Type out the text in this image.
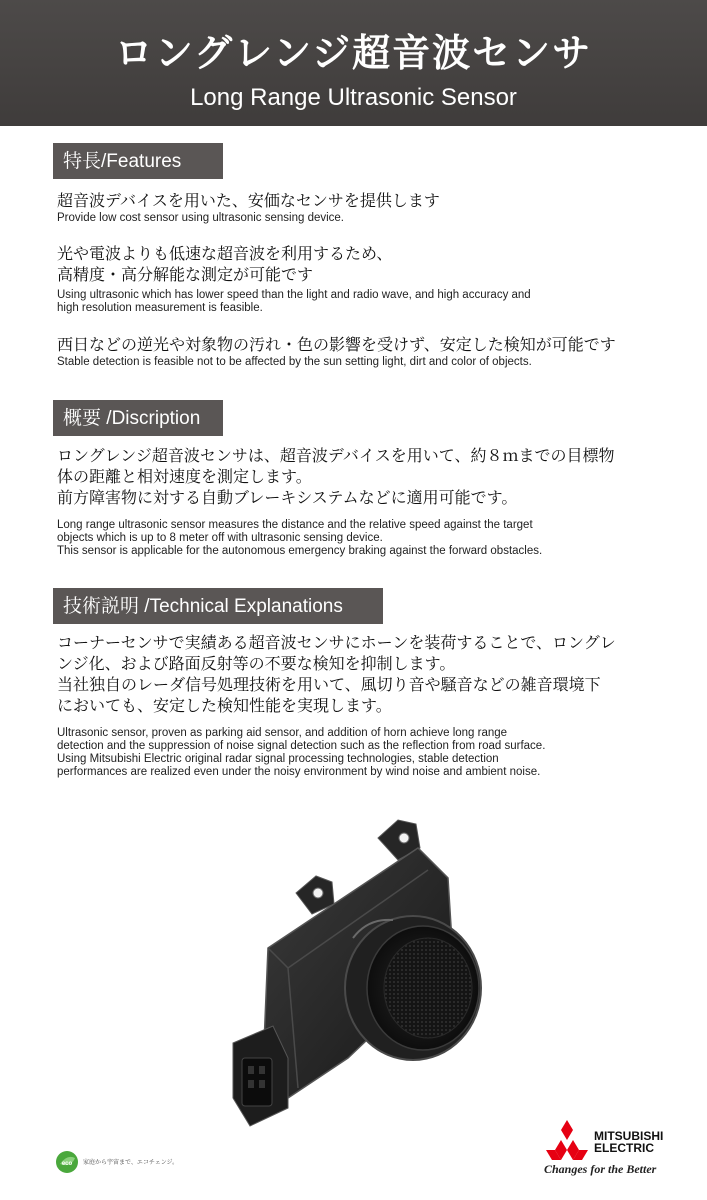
ロングレンジ超音波センサ
Long Range Ultrasonic Sensor
特長/Features
超音波デバイスを用いた、安価なセンサを提供します
Provide low cost sensor using ultrasonic sensing device.
光や電波よりも低速な超音波を利用するため、
高精度・高分解能な測定が可能です
Using ultrasonic which has lower speed than the light and radio wave, and high accuracy and
high resolution measurement is feasible.
西日などの逆光や対象物の汚れ・色の影響を受けず、安定した検知が可能です
Stable detection is feasible not to be affected by the sun setting light, dirt and color of objects.
概要 /Discription
ロングレンジ超音波センサは、超音波デバイスを用いて、約８ｍまでの目標物
体の距離と相対速度を測定します。
前方障害物に対する自動ブレーキシステムなどに適用可能です。
Long range ultrasonic sensor measures the distance and the relative speed against the target
objects which is up to 8 meter off with ultrasonic sensing device.
This sensor is applicable for the autonomous emergency braking against the forward obstacles.
技術説明 /Technical Explanations
コーナーセンサで実績ある超音波センサにホーンを装荷することで、ロングレ
ンジ化、および路面反射等の不要な検知を抑制します。
当社独自のレーダ信号処理技術を用いて、風切り音や騒音などの雑音環境下
においても、安定した検知性能を実現します。
Ultrasonic sensor, proven as parking aid sensor, and addition of horn achieve long range
detection and the suppression of noise signal detection such as the reflection from road surface.
Using Mitsubishi Electric original radar signal processing technologies, stable detection
performances are realized even under the noisy environment by wind noise and ambient noise.
eco 家庭から宇宙まで、エコチェンジ。
MITSUBISHI
ELECTRIC
Changes for the Better
